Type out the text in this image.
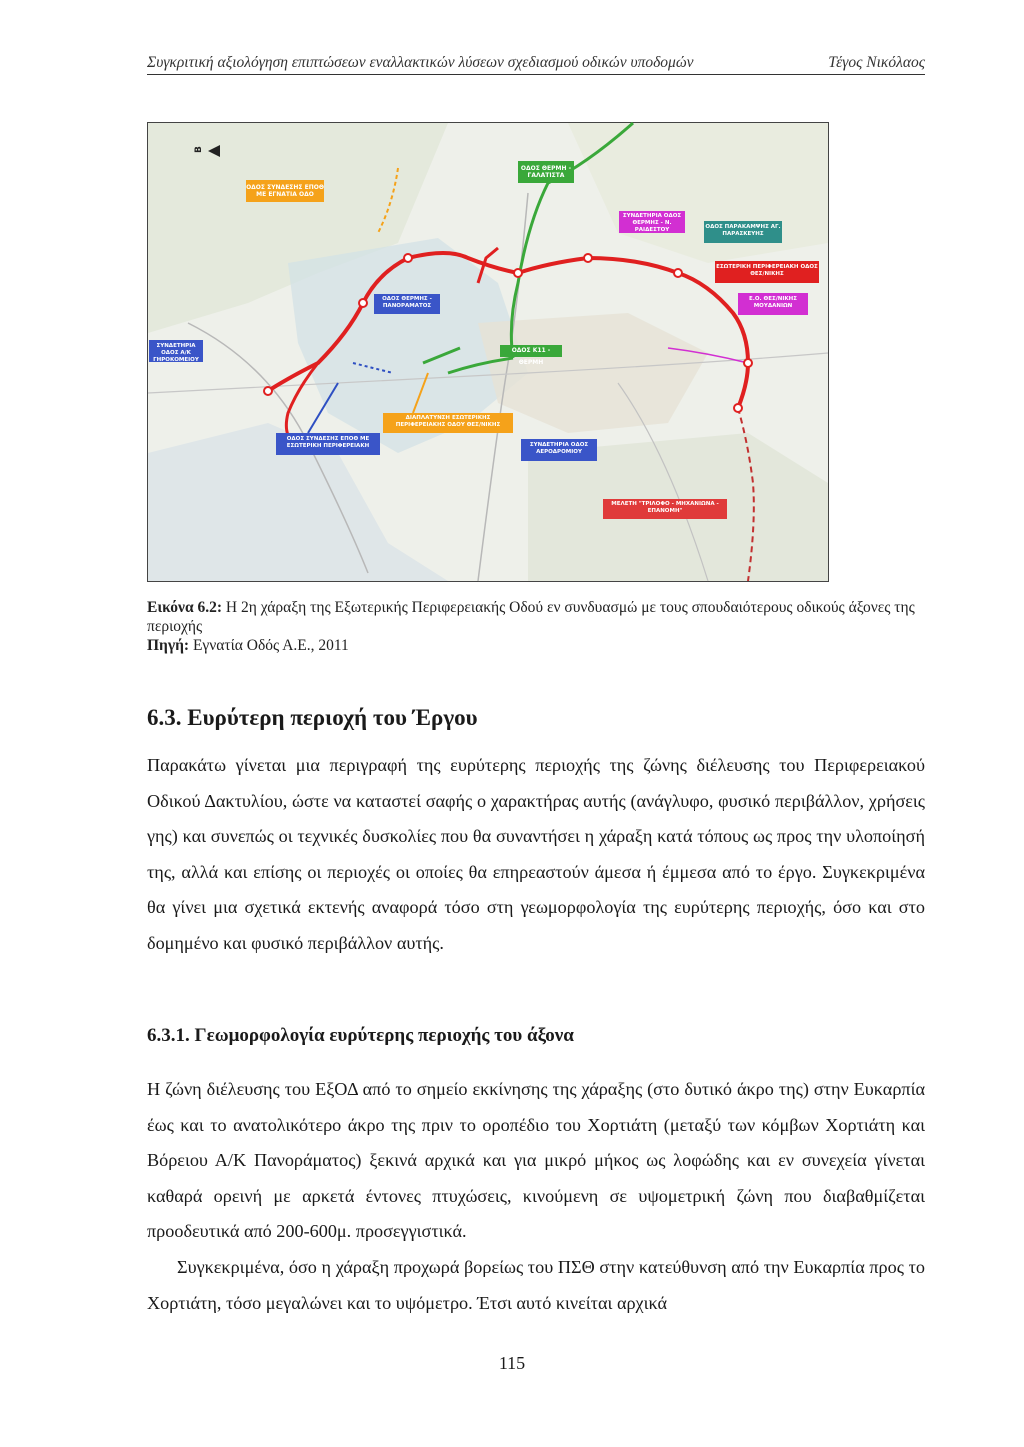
Συγκριτική αξιολόγηση επιπτώσεων εναλλακτικών λύσεων σχεδιασμού οδικών υποδομών	Τέγος Νικόλαος
B
ΟΔΟΣ ΣΥΝΔΕΣΗΣ ΕΠΟΘ ΜΕ ΕΓΝΑΤΙΑ ΟΔΟ
ΟΔΟΣ ΘΕΡΜΗ - ΓΑΛΑΤΙΣΤΑ
ΣΥΝΔΕΤΗΡΙΑ ΟΔΟΣ ΘΕΡΜΗΣ - Ν. ΡΑΙΔΕΣΤΟΥ	ΟΔΟΣ ΠΑΡΑΚΑΜΨΗΣ ΑΓ. ΠΑΡΑΣΚΕΥΗΣ
ΕΣΩΤΕΡΙΚΗ ΠΕΡΙΦΕΡΕΙΑΚΗ ΟΔΟΣ ΘΕΣ/ΝΙΚΗΣ
Ε.Ο. ΘΕΣ/ΝΙΚΗΣ ΜΟΥΔΑΝΙΩΝ
ΟΔΟΣ ΘΕΡΜΗΣ - ΠΑΝΟΡΑΜΑΤΟΣ
ΟΔΟΣ Κ11 - ΘΕΡΜΗ
ΣΥΝΔΕΤΗΡΙΑ ΟΔΟΣ Α/Κ ΓΗΡΟΚΟΜΕΙΟΥ
ΔΙΑΠΛΑΤΥΝΣΗ ΕΣΩΤΕΡΙΚΗΣ ΠΕΡΙΦΕΡΕΙΑΚΗΣ ΟΔΟΥ ΘΕΣ/ΝΙΚΗΣ
ΟΔΟΣ ΣΥΝΔΕΣΗΣ ΕΠΟΘ ΜΕ ΕΣΩΤΕΡΙΚΗ ΠΕΡΙΦΕΡΕΙΑΚΗ	ΣΥΝΔΕΤΗΡΙΑ ΟΔΟΣ ΑΕΡΟΔΡΟΜΙΟΥ
ΜΕΛΕΤΗ "ΤΡΙΛΟΦΟ - ΜΗΧΑΝΙΩΝΑ - ΕΠΑΝΟΜΗ"
Εικόνα 6.2: Η 2η χάραξη της Εξωτερικής Περιφερειακής Οδού εν συνδυασμώ με τους σπουδαιότερους οδικούς άξονες της περιοχής
Πηγή: Εγνατία Οδός Α.Ε., 2011
6.3. Ευρύτερη περιοχή του Έργου

Παρακάτω γίνεται μια περιγραφή της ευρύτερης περιοχής της ζώνης διέλευσης του Περιφερειακού Οδικού Δακτυλίου, ώστε να καταστεί σαφής ο χαρακτήρας αυτής (ανάγλυφο, φυσικό περιβάλλον, χρήσεις γης) και συνεπώς οι τεχνικές δυσκολίες που θα συναντήσει η χάραξη κατά τόπους ως προς την υλοποίησή της, αλλά και επίσης οι περιοχές οι οποίες θα επηρεαστούν άμεσα ή έμμεσα από το έργο. Συγκεκριμένα θα γίνει μια σχετικά εκτενής αναφορά τόσο στη γεωμορφολογία της ευρύτερης περιοχής, όσο και στο δομημένο και φυσικό περιβάλλον αυτής.

6.3.1. Γεωμορφολογία ευρύτερης περιοχής του άξονα

Η ζώνη διέλευσης του ΕξΟΔ από το σημείο εκκίνησης της χάραξης (στο δυτικό άκρο της) στην Ευκαρπία έως και το ανατολικότερο άκρο της πριν το οροπέδιο του Χορτιάτη (μεταξύ των κόμβων Χορτιάτη και Βόρειου Α/Κ Πανοράματος) ξεκινά αρχικά και για μικρό μήκος ως λοφώδης και εν συνεχεία γίνεται καθαρά ορεινή με αρκετά έντονες πτυχώσεις, κινούμενη σε υψομετρική ζώνη που διαβαθμίζεται προοδευτικά από 200-600μ. προσεγγιστικά.

Συγκεκριμένα, όσο η χάραξη προχωρά βορείως του ΠΣΘ στην κατεύθυνση από την Ευκαρπία προς το Χορτιάτη, τόσο μεγαλώνει και το υψόμετρο. Έτσι αυτό κινείται αρχικά

115
